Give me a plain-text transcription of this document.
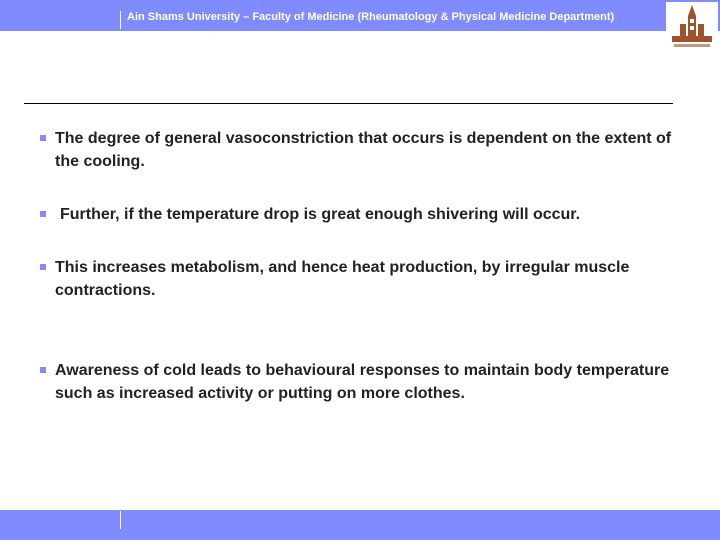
Ain Shams University – Faculty of Medicine (Rheumatology & Physical Medicine Department)
The degree of general vasoconstriction that occurs is dependent on the extent of the cooling.
Further, if the temperature drop is great enough shivering will occur.
This increases metabolism, and hence heat production, by irregular muscle contractions.
Awareness of cold leads to behavioural responses to maintain body temperature such as increased activity or putting on more clothes.
